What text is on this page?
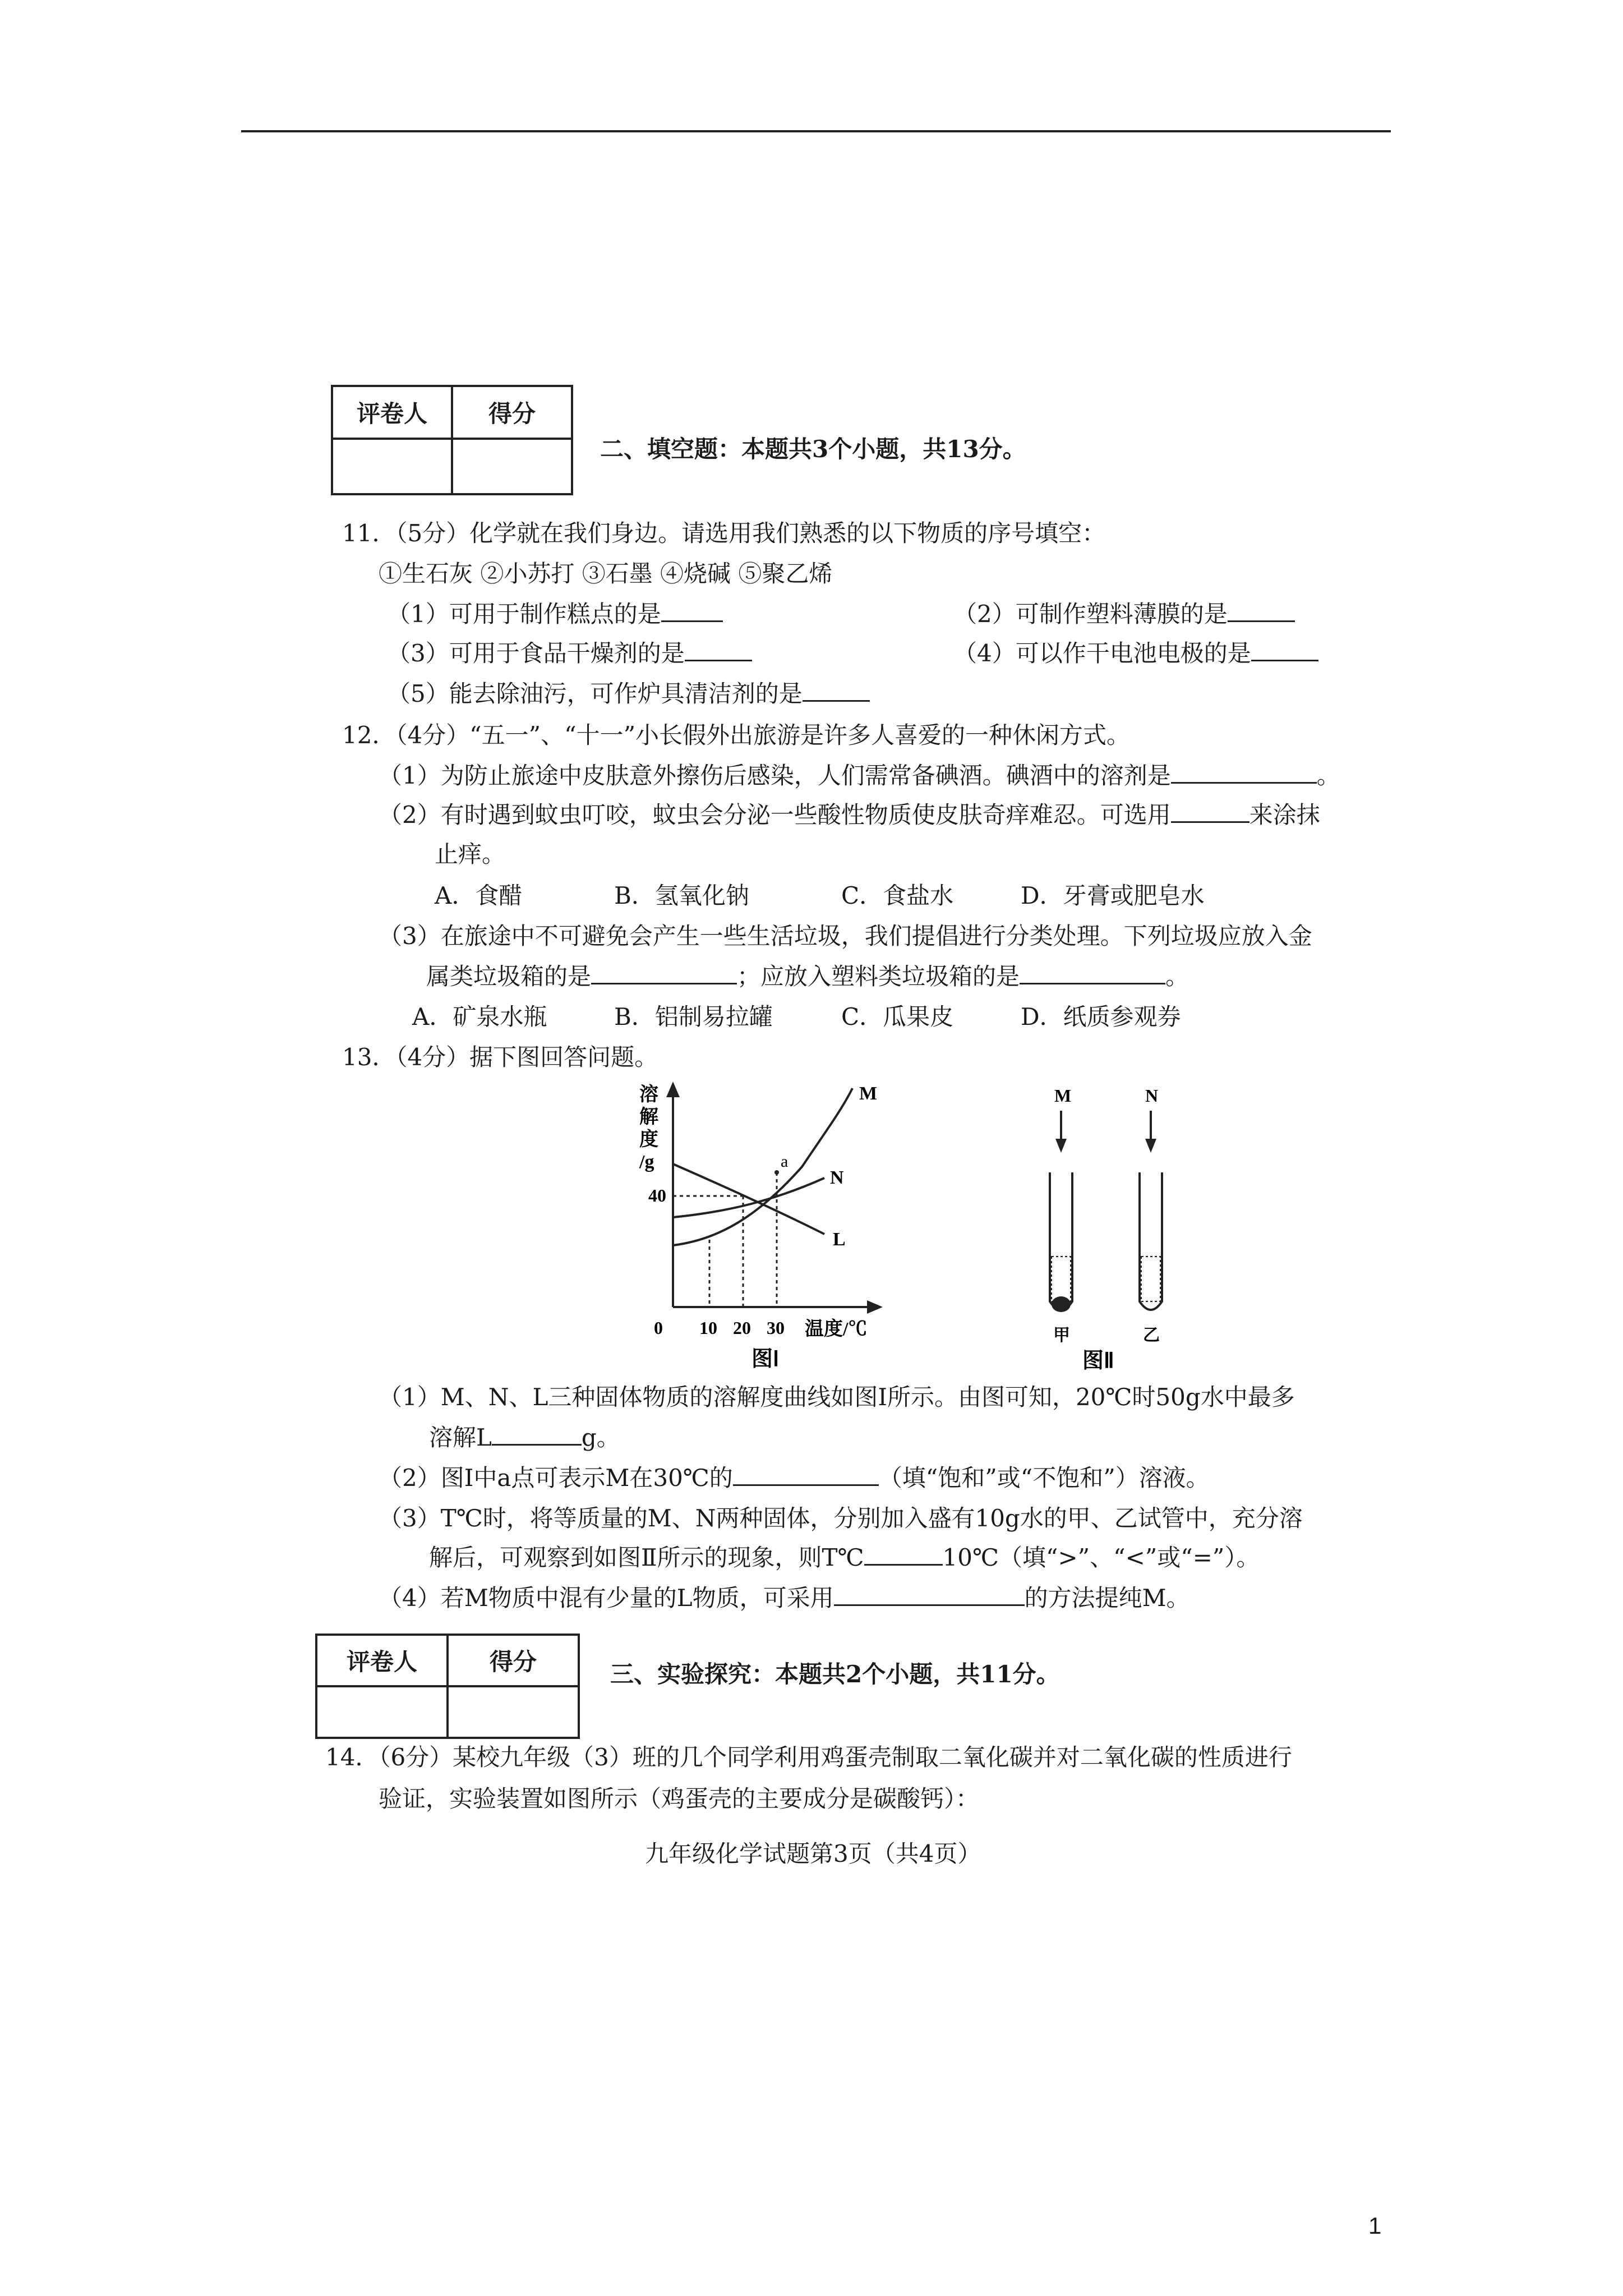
评卷人	得分

二、填空题：本题共3个小题，共13分。
11．（5分）化学就在我们身边。请选用我们熟悉的以下物质的序号填空：
①生石灰 ②小苏打 ③石墨 ④烧碱 ⑤聚乙烯
（1）可用于制作糕点的是	（2）可制作塑料薄膜的是
（3）可用于食品干燥剂的是	（4）可以作干电池电极的是
（5）能去除油污，可作炉具清洁剂的是
12．（4分）“五一”、“十一”小长假外出旅游是许多人喜爱的一种休闲方式。
（1）为防止旅途中皮肤意外擦伤后感染，人们需常备碘酒。碘酒中的溶剂是	。
（2）有时遇到蚊虫叮咬，蚊虫会分泌一些酸性物质使皮肤奇痒难忍。可选用	来涂抹
止痒。
A．食醋	B．氢氧化钠	C．食盐水	D．牙膏或肥皂水
（3）在旅途中不可避免会产生一些生活垃圾，我们提倡进行分类处理。下列垃圾应放入金
属类垃圾箱的是	；应放入塑料类垃圾箱的是	。
A．矿泉水瓶	B．铝制易拉罐	C．瓜果皮	D．纸质参观券
13．（4分）据下图回答问题。
溶
解
度
/g
40
M
N
L
a
0 10 20 30 温度/℃
图Ⅰ
M	N
甲	乙
图Ⅱ
（1）M、N、L三种固体物质的溶解度曲线如图Ⅰ所示。由图可知，20℃时50g水中最多
溶解L	g。
（2）图Ⅰ中a点可表示M在30℃的	（填“饱和”或“不饱和”）溶液。
（3）T℃时，将等质量的M、N两种固体，分别加入盛有10g水的甲、乙试管中，充分溶
解后，可观察到如图Ⅱ所示的现象，则T℃	10℃（填“>”、“<”或“=”）。
（4）若M物质中混有少量的L物质，可采用	的方法提纯M。
评卷人	得分
		三、实验探究：本题共2个小题，共11分。
14．（6分）某校九年级（3）班的几个同学利用鸡蛋壳制取二氧化碳并对二氧化碳的性质进行
验证，实验装置如图所示（鸡蛋壳的主要成分是碳酸钙）：
九年级化学试题第3页（共4页）
1
